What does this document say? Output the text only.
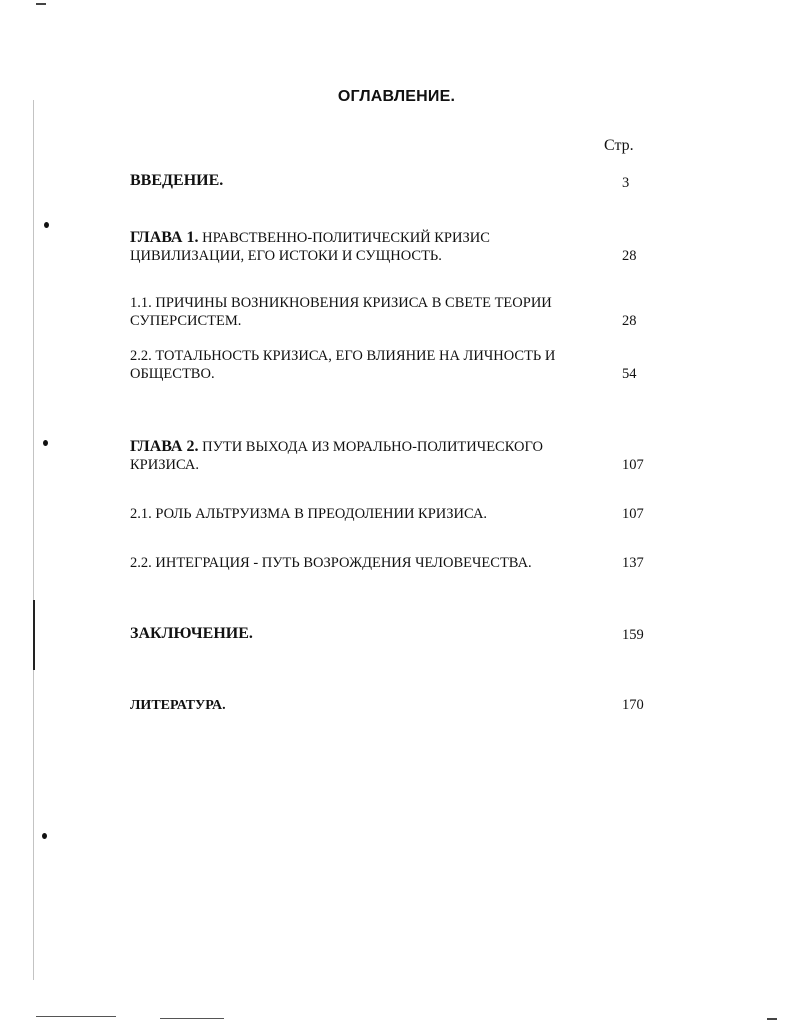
ОГЛАВЛЕНИЕ.
Стр.
ВВЕДЕНИЕ.	3
ГЛАВА 1. НРАВСТВЕННО-ПОЛИТИЧЕСКИЙ КРИЗИС
ЦИВИЛИЗАЦИИ, ЕГО ИСТОКИ И СУЩНОСТЬ.	28
1.1. ПРИЧИНЫ ВОЗНИКНОВЕНИЯ КРИЗИСА В СВЕТЕ ТЕОРИИ
СУПЕРСИСТЕМ.	28
2.2. ТОТАЛЬНОСТЬ КРИЗИСА, ЕГО ВЛИЯНИЕ НА ЛИЧНОСТЬ И
ОБЩЕСТВО.	54
ГЛАВА 2. ПУТИ ВЫХОДА ИЗ МОРАЛЬНО-ПОЛИТИЧЕСКОГО
КРИЗИСА.	107
2.1. РОЛЬ АЛЬТРУИЗМА В ПРЕОДОЛЕНИИ КРИЗИСА.	107
2.2. ИНТЕГРАЦИЯ - ПУТЬ ВОЗРОЖДЕНИЯ ЧЕЛОВЕЧЕСТВА.	137
ЗАКЛЮЧЕНИЕ.	159
ЛИТЕРАТУРА.	170
